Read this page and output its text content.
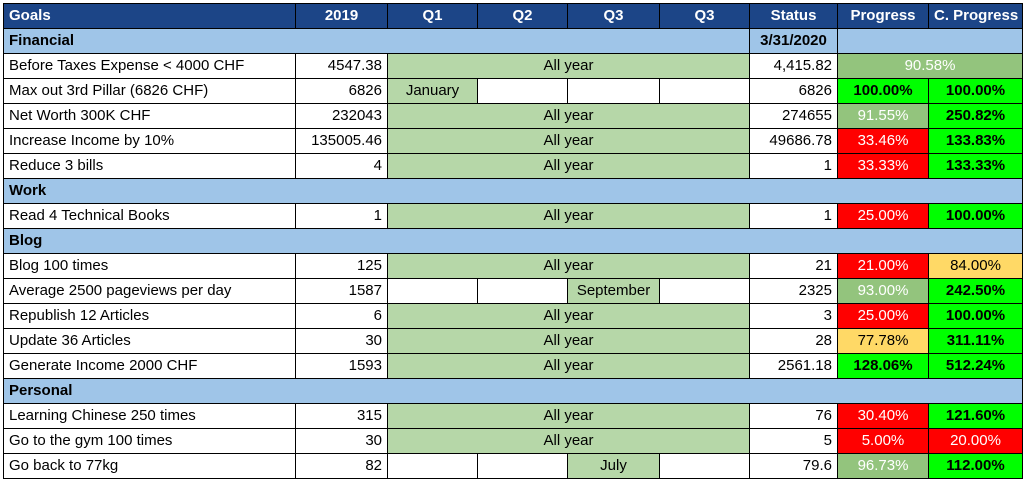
Goals	2019	Q1	Q2	Q3	Q3	Status	Progress	C. Progress
Financial						3/31/2020		
Before Taxes Expense < 4000 CHF	4547.38	All year				4,415.82	90.58%	
Max out 3rd Pillar (6826 CHF)	6826	January				6826	100.00%	100.00%
Net Worth 300K CHF	232043	All year				274655	91.55%	250.82%
Increase Income by 10%	135005.46	All year				49686.78	33.46%	133.83%
Reduce 3 bills	4	All year				1	33.33%	133.33%
Work								
Read 4 Technical Books	1	All year				1	25.00%	100.00%
Blog								
Blog 100 times	125	All year				21	21.00%	84.00%
Average 2500 pageviews per day	1587			September		2325	93.00%	242.50%
Republish 12 Articles	6	All year				3	25.00%	100.00%
Update 36 Articles	30	All year				28	77.78%	311.11%
Generate Income 2000 CHF	1593	All year				2561.18	128.06%	512.24%
Personal								
Learning Chinese 250 times	315	All year				76	30.40%	121.60%
Go to the gym 100 times	30	All year				5	5.00%	20.00%
Go back to 77kg	82			July		79.6	96.73%	112.00%
